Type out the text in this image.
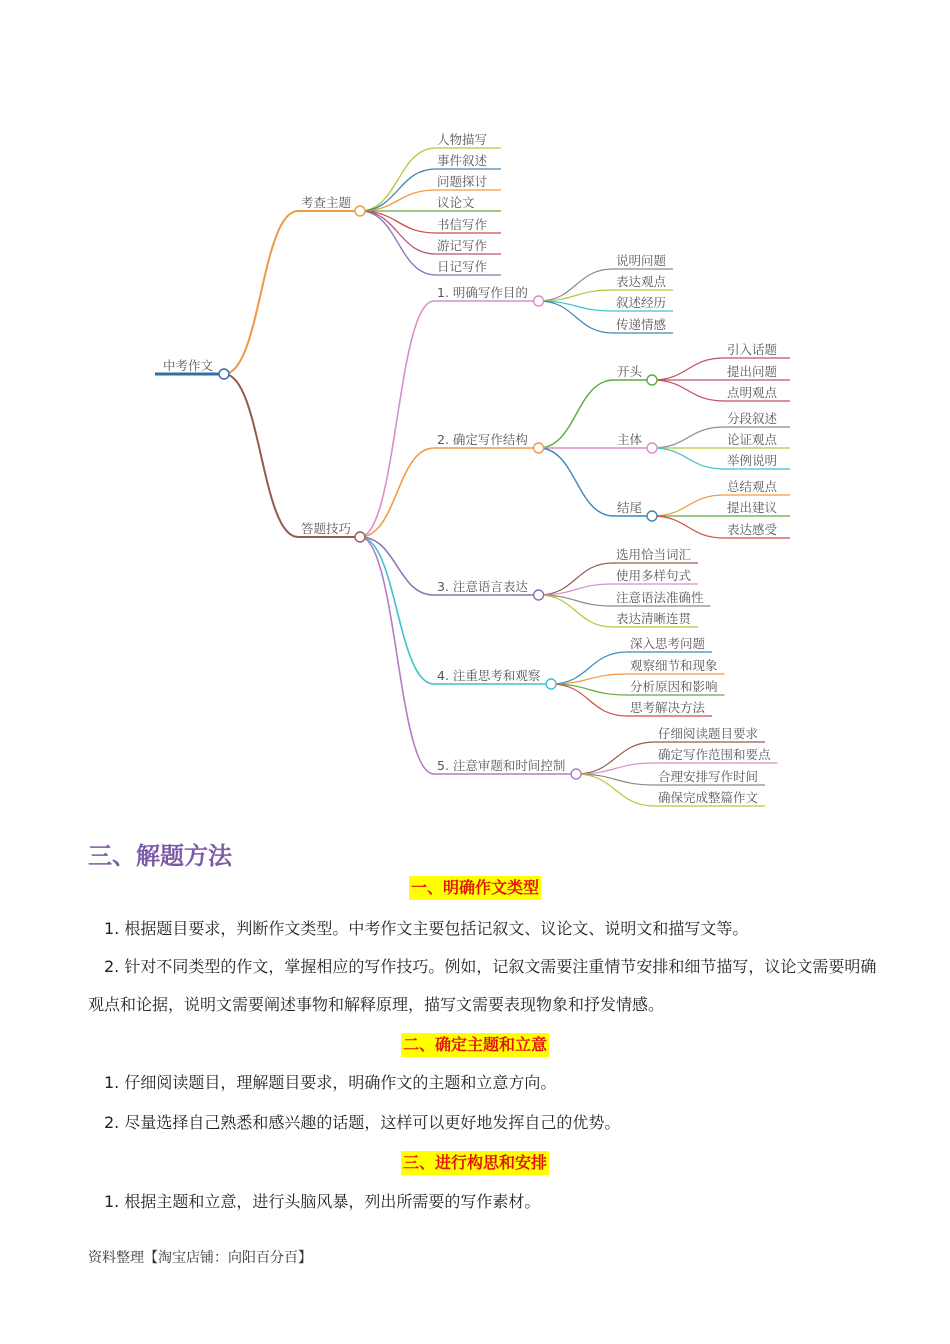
中考作文
考查主题
人物描写
事件叙述
问题探讨
议论文
书信写作
游记写作
日记写作
答题技巧
1. 明确写作目的
说明问题
表达观点
叙述经历
传递情感
2. 确定写作结构
开头
引入话题
提出问题
点明观点
主体
分段叙述
论证观点
举例说明
结尾
总结观点
提出建议
表达感受
3. 注意语言表达
选用恰当词汇
使用多样句式
注意语法准确性
表达清晰连贯
4. 注重思考和观察
深入思考问题
观察细节和现象
分析原因和影响
思考解决方法
5. 注意审题和时间控制
仔细阅读题目要求
确定写作范围和要点
合理安排写作时间
确保完成整篇作文
三、解题方法
一、明确作文类型

1. 根据题目要求，判断作文类型。中考作文主要包括记叙文、议论文、说明文和描写文等。

2. 针对不同类型的作文，掌握相应的写作技巧。例如，记叙文需要注重情节安排和细节描写，议论文需要明确观点和论据，说明文需要阐述事物和解释原理，描写文需要表现物象和抒发情感。

二、确定主题和立意

1. 仔细阅读题目，理解题目要求，明确作文的主题和立意方向。

2. 尽量选择自己熟悉和感兴趣的话题，这样可以更好地发挥自己的优势。

三、进行构思和安排

1. 根据主题和立意，进行头脑风暴，列出所需要的写作素材。

资料整理【淘宝店铺：向阳百分百】
